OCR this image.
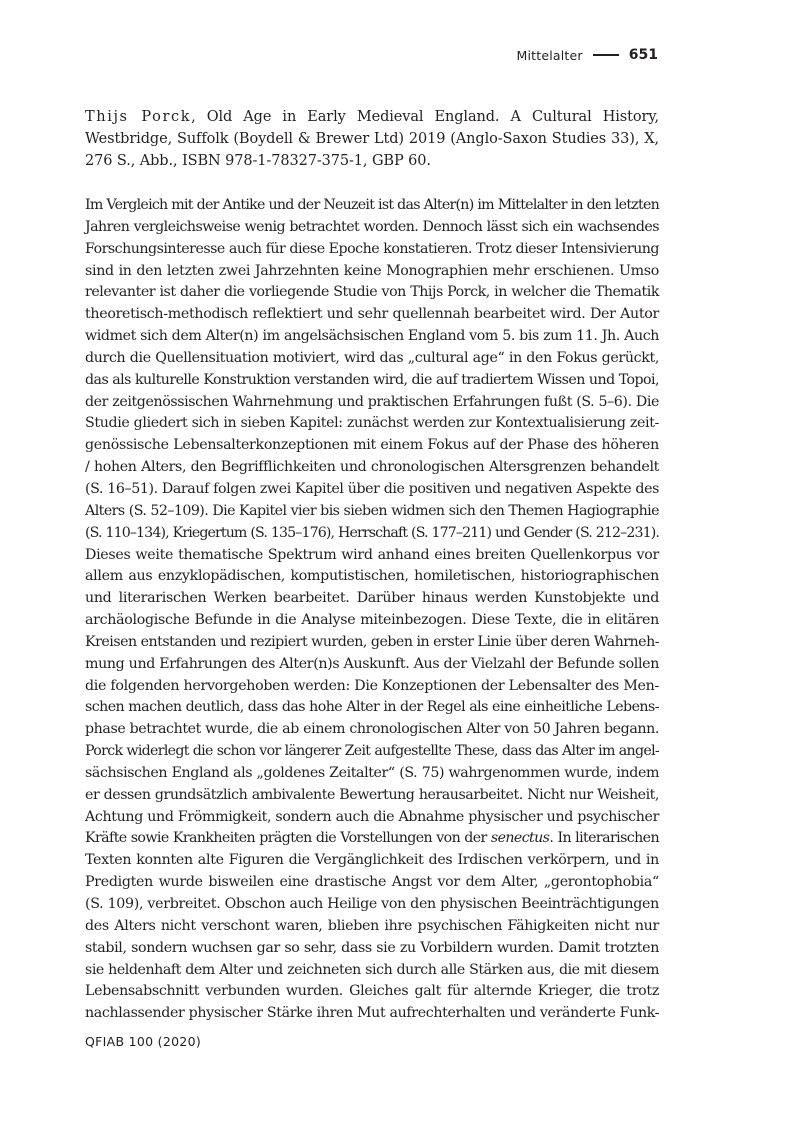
Mittelalter	651
Thijs Porck, Old Age in Early Medieval England. A Cultural History, Westbridge, Suffolk (Boydell & Brewer Ltd) 2019 (Anglo-Saxon Studies 33), X, 276 S., Abb., ISBN 978-1-78327-375-1, GBP 60.
Im Vergleich mit der Antike und der Neuzeit ist das Alter(n) im Mittelalter in den letzten
Jahren vergleichsweise wenig betrachtet worden. Dennoch lässt sich ein wachsendes
Forschungsinteresse auch für diese Epoche konstatieren. Trotz dieser Intensivierung
sind in den letzten zwei Jahrzehnten keine Monographien mehr erschienen. Umso
relevanter ist daher die vorliegende Studie von Thijs Porck, in welcher die Thematik
theoretisch-methodisch reflektiert und sehr quellennah bearbeitet wird. Der Autor
widmet sich dem Alter(n) im angelsächsischen England vom 5. bis zum 11. Jh. Auch
durch die Quellensituation motiviert, wird das „cultural age“ in den Fokus gerückt,
das als kulturelle Konstruktion verstanden wird, die auf tradiertem Wissen und Topoi,
der zeitgenössischen Wahrnehmung und praktischen Erfahrungen fußt (S. 5–6). Die
Studie gliedert sich in sieben Kapitel: zunächst werden zur Kontextualisierung zeit-
genössische Lebensalterkonzeptionen mit einem Fokus auf der Phase des höheren
/ hohen Alters, den Begrifflichkeiten und chronologischen Altersgrenzen behandelt
(S. 16–51). Darauf folgen zwei Kapitel über die positiven und negativen Aspekte des
Alters (S. 52–109). Die Kapitel vier bis sieben widmen sich den Themen Hagiographie
(S. 110–134), Kriegertum (S. 135–176), Herrschaft (S. 177–211) und Gender (S. 212–231).
Dieses weite thematische Spektrum wird anhand eines breiten Quellenkorpus vor
allem aus enzyklopädischen, komputistischen, homiletischen, historiographischen
und literarischen Werken bearbeitet. Darüber hinaus werden Kunstobjekte und
archäologische Befunde in die Analyse miteinbezogen. Diese Texte, die in elitären
Kreisen entstanden und rezipiert wurden, geben in erster Linie über deren Wahrneh-
mung und Erfahrungen des Alter(n)s Auskunft. Aus der Vielzahl der Befunde sollen
die folgenden hervorgehoben werden: Die Konzeptionen der Lebensalter des Men-
schen machen deutlich, dass das hohe Alter in der Regel als eine einheitliche Lebens-
phase betrachtet wurde, die ab einem chronologischen Alter von 50 Jahren begann.
Porck widerlegt die schon vor längerer Zeit aufgestellte These, dass das Alter im angel-
sächsischen England als „goldenes Zeitalter“ (S. 75) wahrgenommen wurde, indem
er dessen grundsätzlich ambivalente Bewertung herausarbeitet. Nicht nur Weisheit,
Achtung und Frömmigkeit, sondern auch die Abnahme physischer und psychischer
Kräfte sowie Krankheiten prägten die Vorstellungen von der senectus. In literarischen
Texten konnten alte Figuren die Vergänglichkeit des Irdischen verkörpern, und in
Predigten wurde bisweilen eine drastische Angst vor dem Alter, „gerontophobia“
(S. 109), verbreitet. Obschon auch Heilige von den physischen Beeinträchtigungen
des Alters nicht verschont waren, blieben ihre psychischen Fähigkeiten nicht nur
stabil, sondern wuchsen gar so sehr, dass sie zu Vorbildern wurden. Damit trotzten
sie heldenhaft dem Alter und zeichneten sich durch alle Stärken aus, die mit diesem
Lebensabschnitt verbunden wurden. Gleiches galt für alternde Krieger, die trotz
nachlassender physischer Stärke ihren Mut aufrechterhalten und veränderte Funk-
QFIAB 100 (2020)
